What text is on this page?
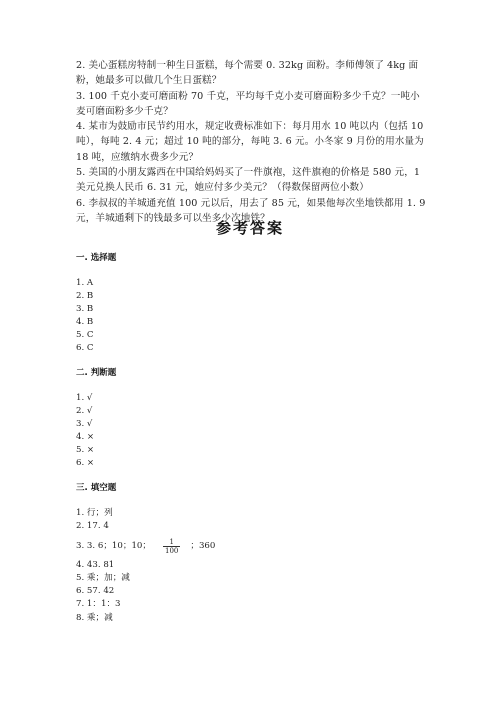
2. 美心蛋糕房特制一种生日蛋糕，每个需要 0. 32kg 面粉。李师傅领了 4kg 面粉，她最多可以做几个生日蛋糕？

3. 100 千克小麦可磨面粉 70 千克，平均每千克小麦可磨面粉多少千克？一吨小麦可磨面粉多少千克？

4. 某市为鼓励市民节约用水，规定收费标准如下：每月用水 10 吨以内（包括 10 吨），每吨 2. 4 元；超过 10 吨的部分，每吨 3. 6 元。小冬家 9 月份的用水量为 18 吨，应缴纳水费多少元？

5. 美国的小朋友露西在中国给妈妈买了一件旗袍，这件旗袍的价格是 580 元，1 美元兑换人民币 6. 31 元，她应付多少美元？（得数保留两位小数）

6. 李叔叔的羊城通充值 100 元以后，用去了 85 元，如果他每次坐地铁都用 1. 9 元，羊城通剩下的钱最多可以坐多少次地铁？

参考答案

一. 选择题

1. A
2. B
3. B
4. B
5. C
6. C

二. 判断题

1. √
2. √
3. √
4. ×
5. ×
6. ×

三. 填空题

1. 行；列
2. 17. 4
3. 3. 6；10；10； $\frac{1}{100}$ ；360
4. 43. 81
5. 乘；加；减
6. 57. 42
7. 1：1：3
8. 乘；减
